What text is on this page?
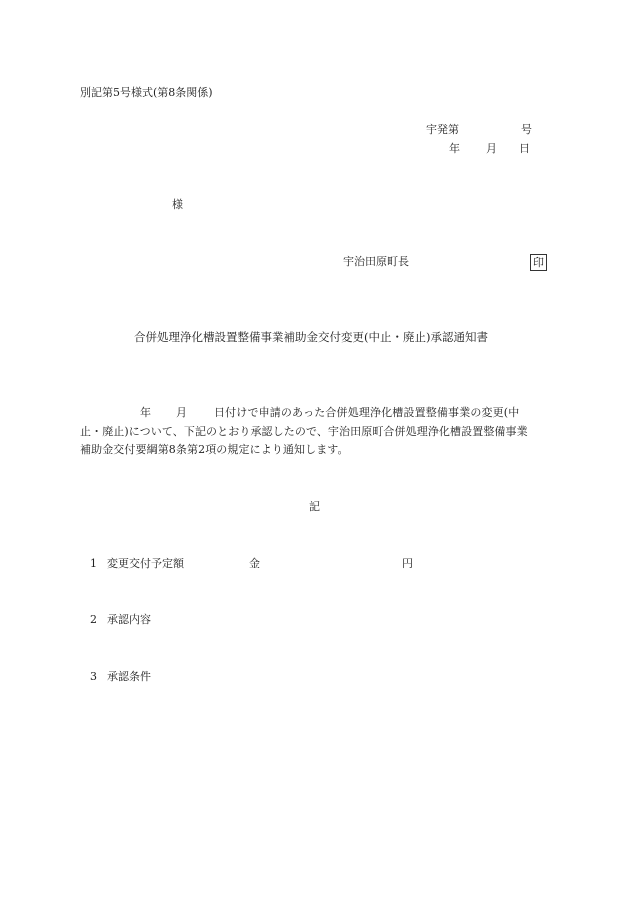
別記第5号様式(第8条関係)
宇発第	号
年 月 日
様
宇治田原町長	印
合併処理浄化槽設置整備事業補助金交付変更(中止・廃止)承認通知書
年 月 日付けで申請のあった合併処理浄化槽設置整備事業の変更(中
止・廃止)について、下記のとおり承認したので、宇治田原町合併処理浄化槽設置整備事業
補助金交付要綱第8条第2項の規定により通知します。
記
1 変更交付予定額	金	円
2 承認内容
3 承認条件
